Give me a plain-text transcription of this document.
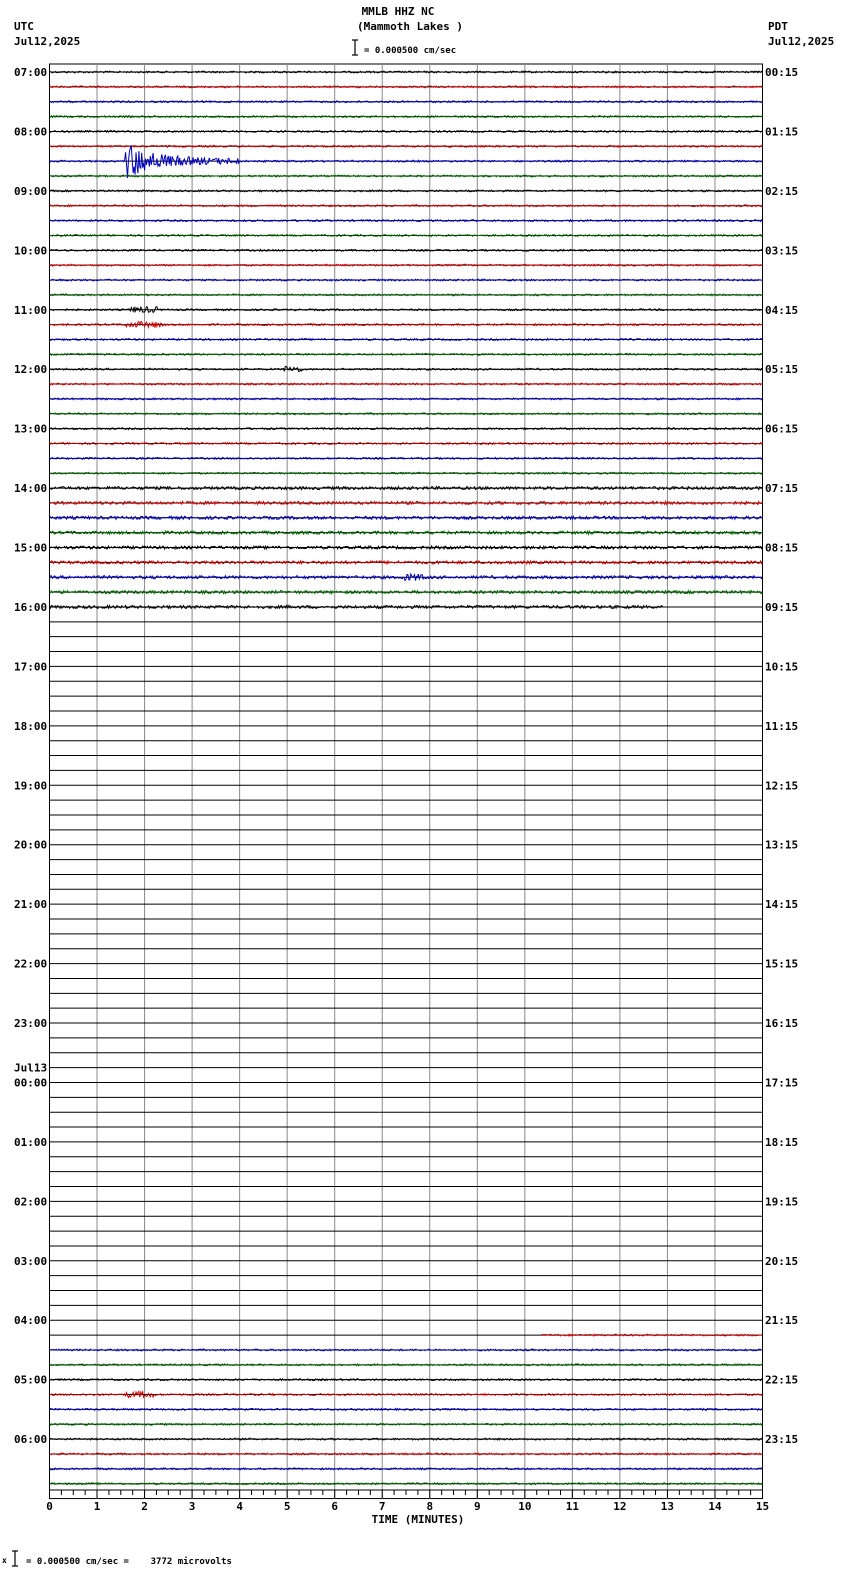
MMLB HHZ NC
(Mammoth Lakes )
= 0.000500 cm/sec
UTC
Jul12,2025
PDT
Jul12,2025
07:00
08:00
09:00
10:00
11:00
12:00
13:00
14:00
15:00
16:00
17:00
18:00
19:00
20:00
21:00
22:00
23:00
Jul13
00:00
01:00
02:00
03:00
04:00
05:00
06:00
00:15
01:15
02:15
03:15
04:15
05:15
06:15
07:15
08:15
09:15
10:15
11:15
12:15
13:15
14:15
15:15
16:15
17:15
18:15
19:15
20:15
21:15
22:15
23:15
0	1	2	3	4	5	6	7	8	9	10	11	12	13	14	15
TIME (MINUTES)
x = 0.000500 cm/sec =    3772 microvolts
